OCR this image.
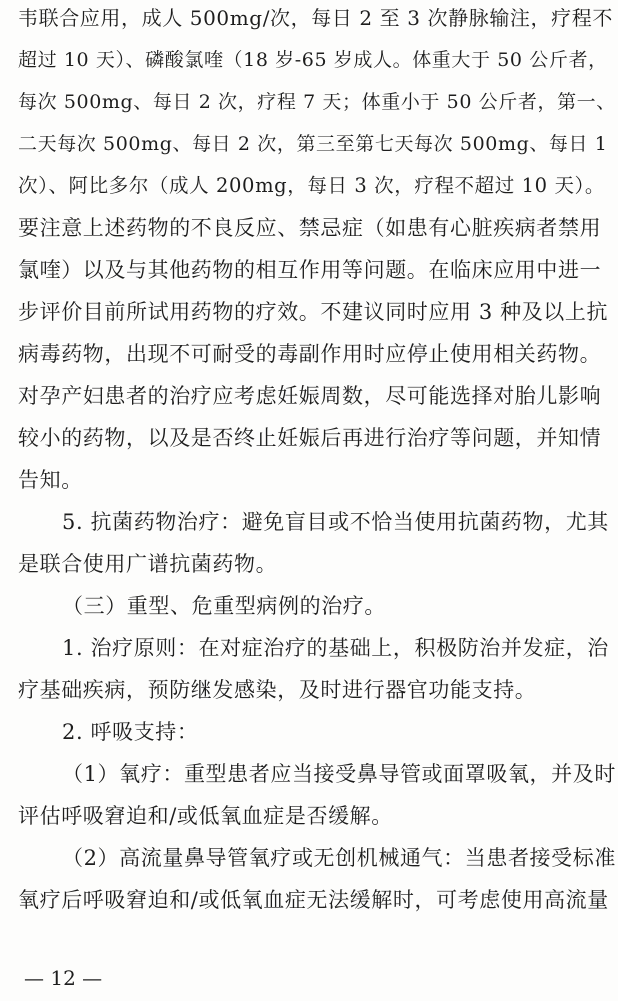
韦联合应用，成人 500mg/次，每日 2 至 3 次静脉输注，疗程不
超过 10 天）、磷酸氯喹（18 岁-65 岁成人。体重大于 50 公斤者，
每次 500mg、每日 2 次，疗程 7 天；体重小于 50 公斤者，第一、
二天每次 500mg、每日 2 次，第三至第七天每次 500mg、每日 1
次）、阿比多尔（成人 200mg，每日 3 次，疗程不超过 10 天）。
要注意上述药物的不良反应、禁忌症（如患有心脏疾病者禁用
氯喹）以及与其他药物的相互作用等问题。在临床应用中进一
步评价目前所试用药物的疗效。不建议同时应用 3 种及以上抗
病毒药物，出现不可耐受的毒副作用时应停止使用相关药物。
对孕产妇患者的治疗应考虑妊娠周数，尽可能选择对胎儿影响
较小的药物，以及是否终止妊娠后再进行治疗等问题，并知情
告知。
5. 抗菌药物治疗：避免盲目或不恰当使用抗菌药物，尤其
是联合使用广谱抗菌药物。
（三）重型、危重型病例的治疗。
1. 治疗原则：在对症治疗的基础上，积极防治并发症，治
疗基础疾病，预防继发感染，及时进行器官功能支持。
2. 呼吸支持：
（1）氧疗：重型患者应当接受鼻导管或面罩吸氧，并及时
评估呼吸窘迫和/或低氧血症是否缓解。
（2）高流量鼻导管氧疗或无创机械通气：当患者接受标准
氧疗后呼吸窘迫和/或低氧血症无法缓解时，可考虑使用高流量
— 12 —
